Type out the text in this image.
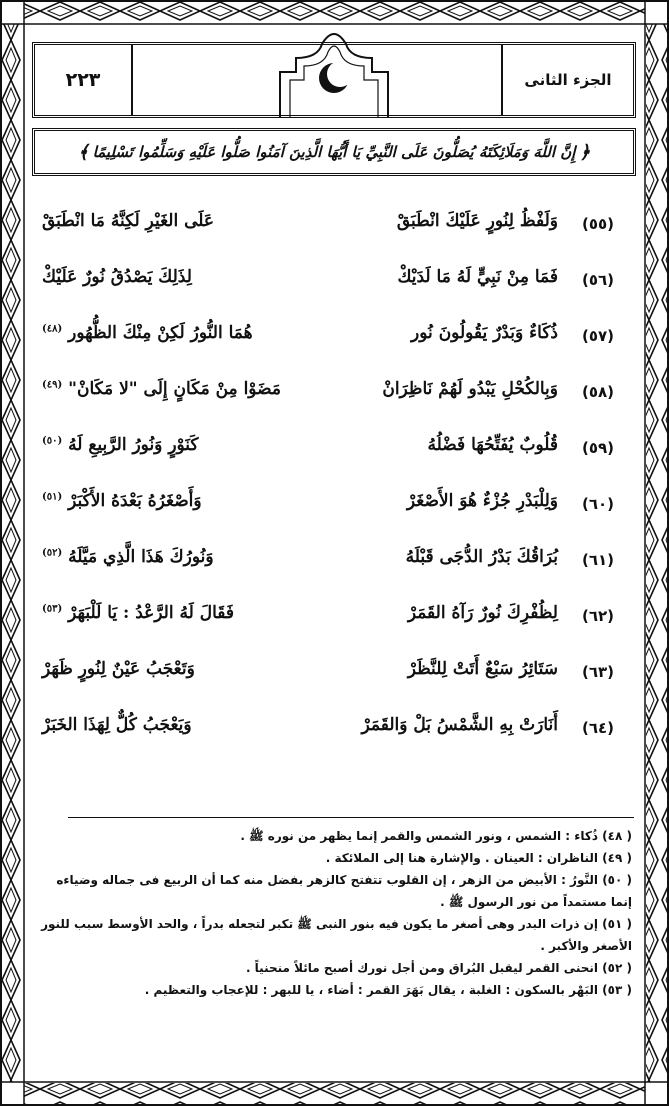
الجزء الثانى
٢٢٣
﴿
إِنَّ اللَّهَ وَمَلَائِكَتَهُ يُصَلُّونَ عَلَى النَّبِيِّ يَا أَيُّهَا الَّذِينَ آمَنُوا صَلُّوا عَلَيْهِ وَسَلِّمُوا تَسْلِيمًا
﴾
(٥٥)
وَلَفْظُ لِنُورٍ عَلَيْكَ انْطَبَقْ
عَلَى الغَيْرِ لَكِنَّهُ مَا انْطَبَقْ
(٥٦)
فَمَا مِنْ نَبِيٍّ لَهُ مَا لَدَيْكْ
لِذَلِكَ يَصْدُقُ نُورٌ عَلَيْكْ
(٥٧)
ذُكَاءٌ وَبَدْرٌ يَقُولُونَ نُور
هُمَا النُّورُ لَكِنْ مِنْكَ الظُّهُور $^{(٤٨)}$
(٥٨)
وَبِالكُحْلِ يَبْدُو لَهُمْ نَاظِرَانْ
مَضَوْا مِنْ مَكَانٍ إِلَى "لا مَكَانْ" $^{(٤٩)}$
(٥٩)
قُلُوبٌ يُفَتِّحُهَا فَضْلُهُ
كَنَوْرٍ وَنُورُ الرَّبِيعِ لَهُ $^{(٥٠)}$
(٦٠)
وَلِلْبَدْرِ جُزْءٌ هُوَ الأَصْغَرْ
وَأَصْغَرُهُ بَعْدَهُ الأَكْبَرْ $^{(٥١)}$
(٦١)
بُرَاقُكَ بَدْرُ الدُّجَى قَبْلَهُ
وَنُورُكَ هَذَا الَّذِي مَيَّلَهُ $^{(٥٢)}$
(٦٢)
لِظُفْرِكَ نُورٌ رَآهُ القَمَرْ
فَقَالَ لَهُ الرَّعْدُ : يَا لَلْبَهَرْ $^{(٥٣)}$
(٦٣)
سَتَائِرُ سَبْعٌ أَتَتْ لِلنَّظَرْ
وَتَعْجَبُ عَيْنٌ لِنُورٍ ظَهَرْ
(٦٤)
أَنَارَتْ بِهِ الشَّمْسُ بَلْ وَالقَمَرْ
وَيَعْجَبُ كُلٌّ لِهَذَا الخَبَرْ

( ٤٨) ذُكاء : الشمس ، ونور الشمس والقمر إنما يظهر من نوره ﷺ .

( ٤٩) الناظران : العينان . والإشارة هنا إلى الملائكة .

( ٥٠) النَّورُ : الأبيض من الزهر ، إن القلوب تتفتح كالزهر بفضل منه كما أن الربيع فى جماله وضياءه إنما مستمداً من نور الرسول ﷺ .

( ٥١) إن ذرات البدر وهى أصغر ما يكون فيه بنور النبى ﷺ تكبر لتجعله بدراً ، والحد الأوسط سبب للنور الأصغر والأكبر .

( ٥٢) انحنى القمر ليقبل البُراق ومن أجل نورك أصبح مائلاً منحنياً .

( ٥٣) البَهْر بالسكون : الغلبة ، يقال بَهَرَ القمر : أضاء ، يا للبهر : للإعجاب والتعظيم .
